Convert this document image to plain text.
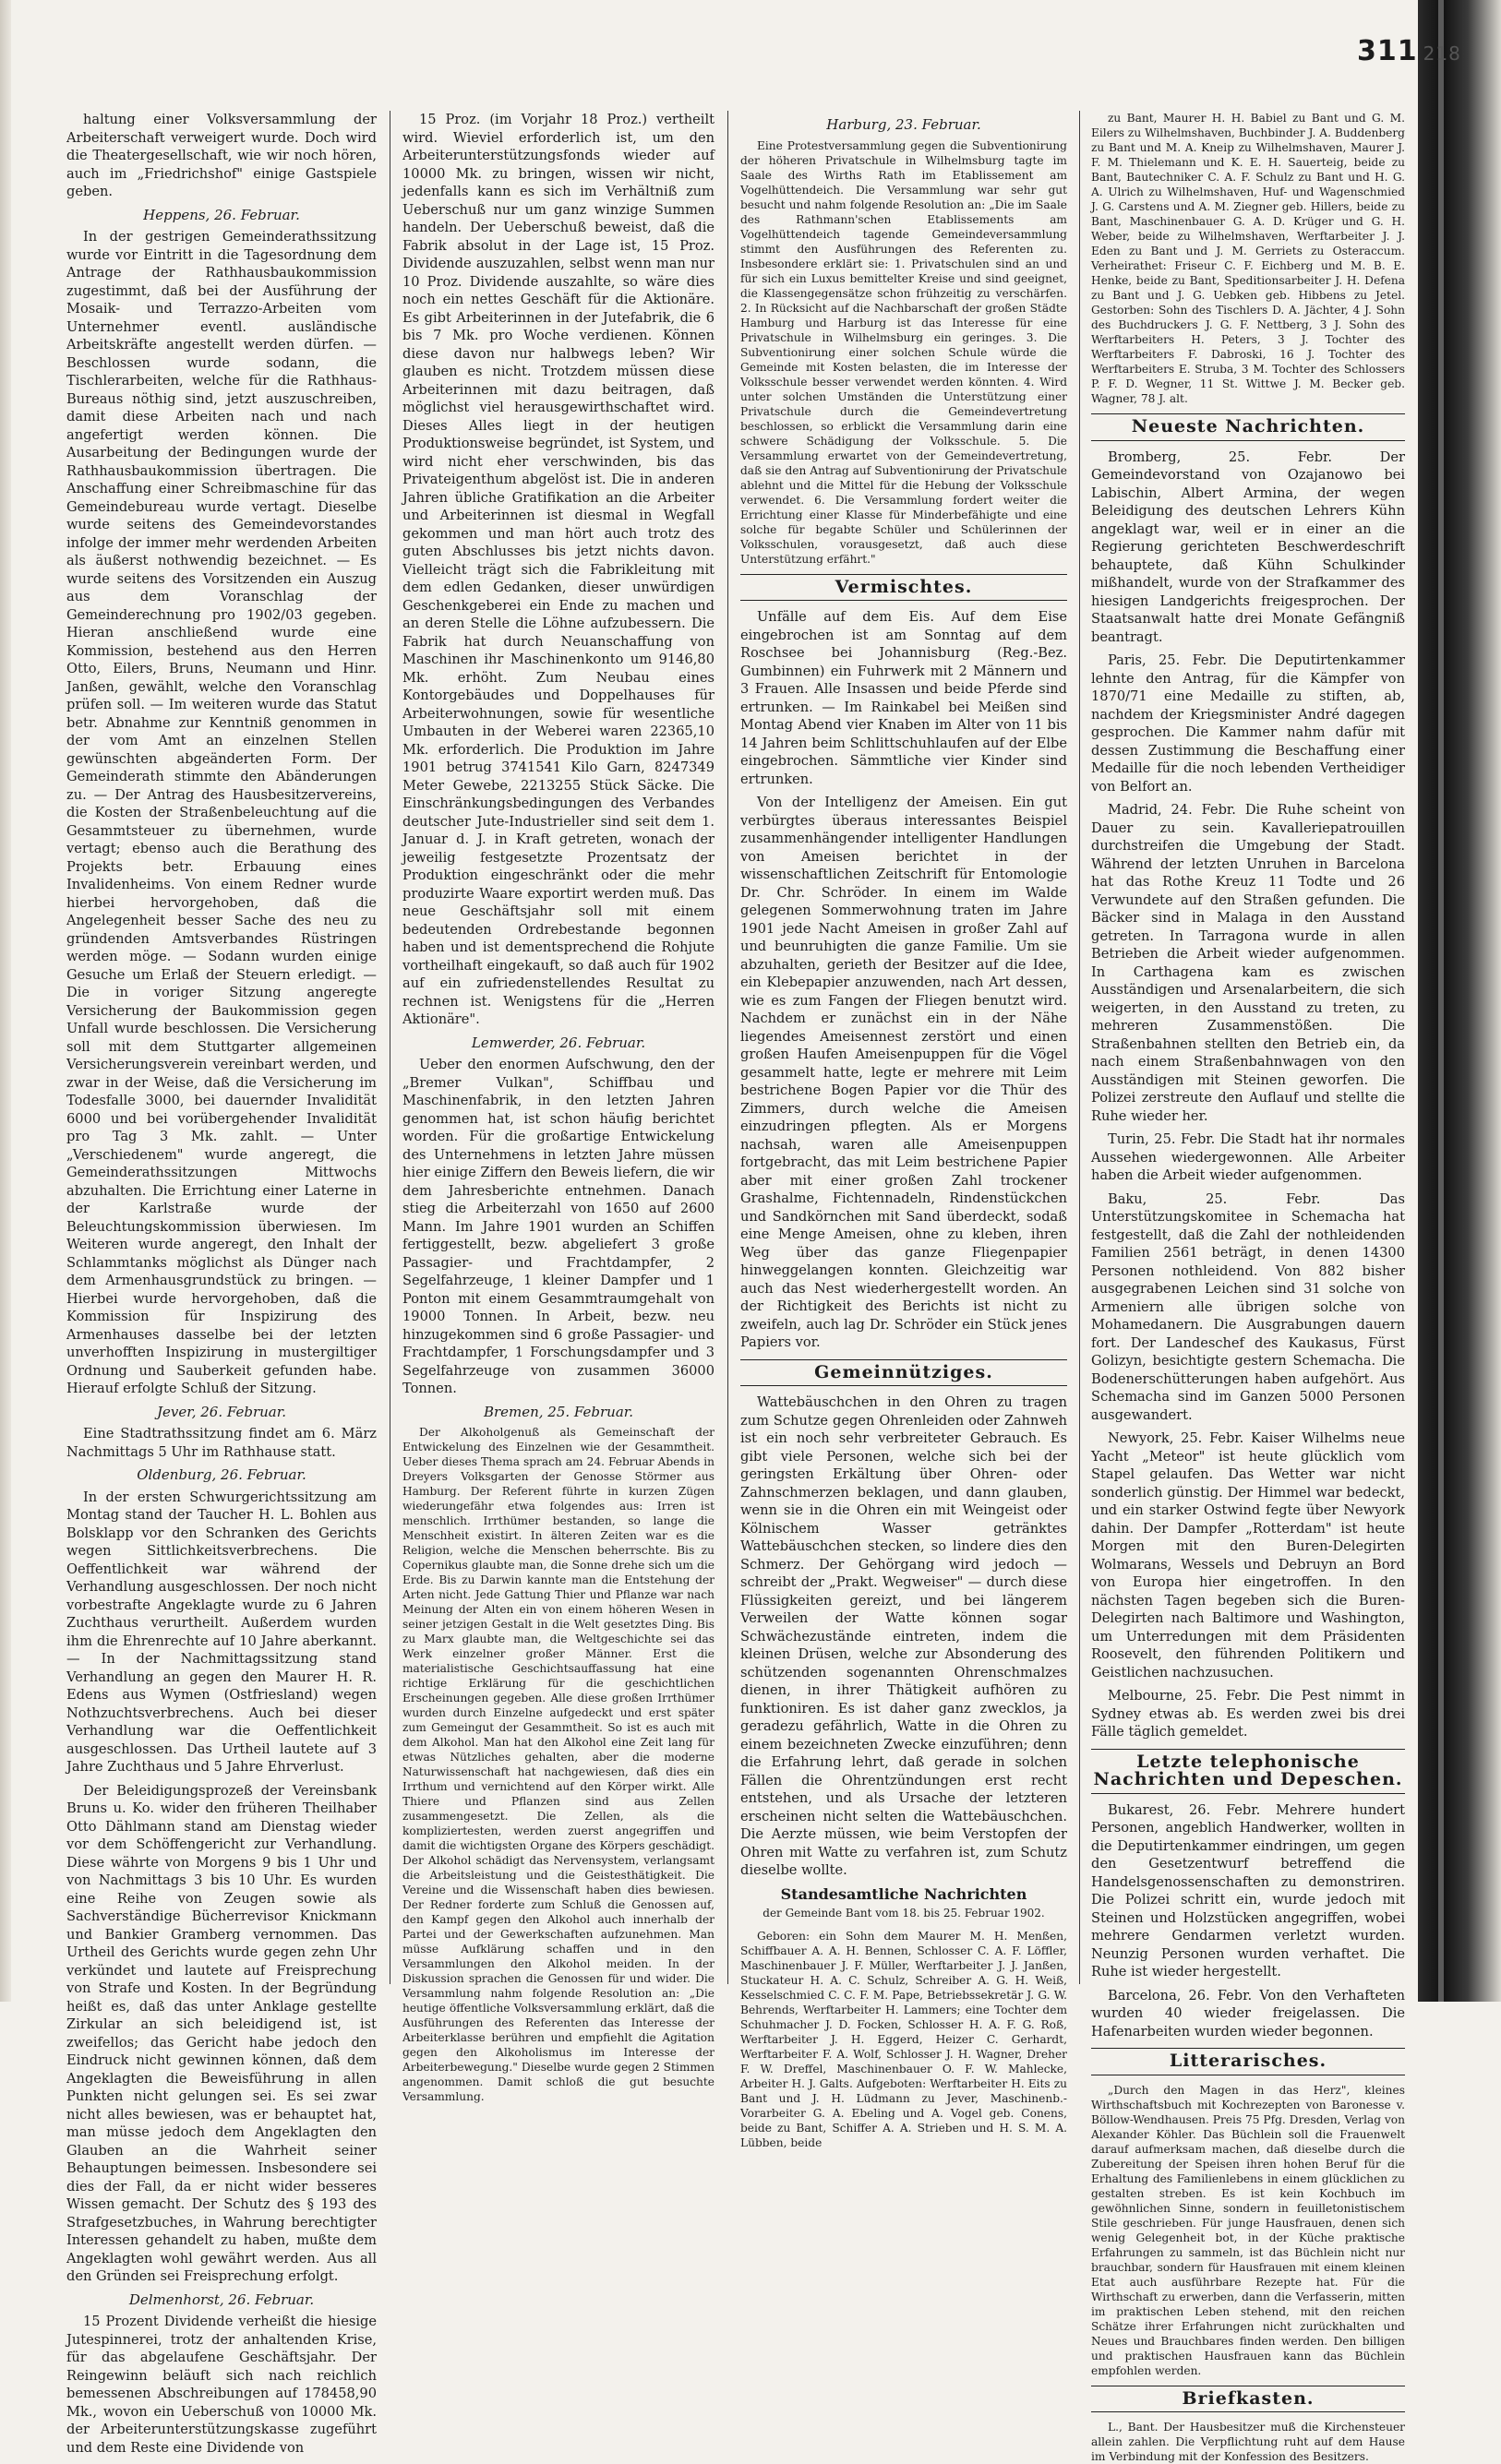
311 218

haltung einer Volksversammlung der Arbeiterschaft verweigert wurde. Doch wird die Theatergesellschaft, wie wir noch hören, auch im „Friedrichshof" einige Gastspiele geben.

Heppens, 26. Februar.

In der gestrigen Gemeinderathssitzung wurde vor Eintritt in die Tagesordnung dem Antrage der Rathhausbaukommission zugestimmt, daß bei der Ausführung der Mosaik- und Terrazzo-Arbeiten vom Unternehmer eventl. ausländische Arbeitskräfte angestellt werden dürfen. — Beschlossen wurde sodann, die Tischlerarbeiten, welche für die Rathhaus-Bureaus nöthig sind, jetzt auszuschreiben, damit diese Arbeiten nach und nach angefertigt werden können. Die Ausarbeitung der Bedingungen wurde der Rathhausbaukommission übertragen. Die Anschaffung einer Schreibmaschine für das Gemeindebureau wurde vertagt. Dieselbe wurde seitens des Gemeindevorstandes infolge der immer mehr werdenden Arbeiten als äußerst nothwendig bezeichnet. — Es wurde seitens des Vorsitzenden ein Auszug aus dem Voranschlag der Gemeinderechnung pro 1902/03 gegeben. Hieran anschließend wurde eine Kommission, bestehend aus den Herren Otto, Eilers, Bruns, Neumann und Hinr. Janßen, gewählt, welche den Voranschlag prüfen soll. — Im weiteren wurde das Statut betr. Abnahme zur Kenntniß genommen in der vom Amt an einzelnen Stellen gewünschten abgeänderten Form. Der Gemeinderath stimmte den Abänderungen zu. — Der Antrag des Hausbesitzervereins, die Kosten der Straßenbeleuchtung auf die Gesammtsteuer zu übernehmen, wurde vertagt; ebenso auch die Berathung des Projekts betr. Erbauung eines Invalidenheims. Von einem Redner wurde hierbei hervorgehoben, daß die Angelegenheit besser Sache des neu zu gründenden Amtsverbandes Rüstringen werden möge. — Sodann wurden einige Gesuche um Erlaß der Steuern erledigt. — Die in voriger Sitzung angeregte Versicherung der Baukommission gegen Unfall wurde beschlossen. Die Versicherung soll mit dem Stuttgarter allgemeinen Versicherungsverein vereinbart werden, und zwar in der Weise, daß die Versicherung im Todesfalle 3000, bei dauernder Invalidität 6000 und bei vorübergehender Invalidität pro Tag 3 Mk. zahlt. — Unter „Verschiedenem" wurde angeregt, die Gemeinderathssitzungen Mittwochs abzuhalten. Die Errichtung einer Laterne in der Karlstraße wurde der Beleuchtungskommission überwiesen. Im Weiteren wurde angeregt, den Inhalt der Schlammtanks möglichst als Dünger nach dem Armenhausgrundstück zu bringen. — Hierbei wurde hervorgehoben, daß die Kommission für Inspizirung des Armenhauses dasselbe bei der letzten unverhofften Inspizirung in mustergiltiger Ordnung und Sauberkeit gefunden habe. Hierauf erfolgte Schluß der Sitzung.

Jever, 26. Februar.

Eine Stadtrathssitzung findet am 6. März Nachmittags 5 Uhr im Rathhause statt.

Oldenburg, 26. Februar.

In der ersten Schwurgerichtssitzung am Montag stand der Taucher H. L. Bohlen aus Bolsklapp vor den Schranken des Gerichts wegen Sittlichkeitsverbrechens. Die Oeffentlichkeit war während der Verhandlung ausgeschlossen. Der noch nicht vorbestrafte Angeklagte wurde zu 6 Jahren Zuchthaus verurtheilt. Außerdem wurden ihm die Ehrenrechte auf 10 Jahre aberkannt. — In der Nachmittagssitzung stand Verhandlung an gegen den Maurer H. R. Edens aus Wymen (Ostfriesland) wegen Nothzuchtsverbrechens. Auch bei dieser Verhandlung war die Oeffentlichkeit ausgeschlossen. Das Urtheil lautete auf 3 Jahre Zuchthaus und 5 Jahre Ehrverlust.

Der Beleidigungsprozeß der Vereinsbank Bruns u. Ko. wider den früheren Theilhaber Otto Dählmann stand am Dienstag wieder vor dem Schöffengericht zur Verhandlung. Diese währte von Morgens 9 bis 1 Uhr und von Nachmittags 3 bis 10 Uhr. Es wurden eine Reihe von Zeugen sowie als Sachverständige Bücherrevisor Knickmann und Bankier Gramberg vernommen. Das Urtheil des Gerichts wurde gegen zehn Uhr verkündet und lautete auf Freisprechung von Strafe und Kosten. In der Begründung heißt es, daß das unter Anklage gestellte Zirkular an sich beleidigend ist, ist zweifellos; das Gericht habe jedoch den Eindruck nicht gewinnen können, daß dem Angeklagten die Beweisführung in allen Punkten nicht gelungen sei. Es sei zwar nicht alles bewiesen, was er behauptet hat, man müsse jedoch dem Angeklagten den Glauben an die Wahrheit seiner Behauptungen beimessen. Insbesondere sei dies der Fall, da er nicht wider besseres Wissen gemacht. Der Schutz des § 193 des Strafgesetzbuches, in Wahrung berechtigter Interessen gehandelt zu haben, mußte dem Angeklagten wohl gewährt werden. Aus all den Gründen sei Freisprechung erfolgt.

Delmenhorst, 26. Februar.

15 Prozent Dividende verheißt die hiesige Jutespinnerei, trotz der anhaltenden Krise, für das abgelaufene Geschäftsjahr. Der Reingewinn beläuft sich nach reichlich bemessenen Abschreibungen auf 178458,90 Mk., wovon ein Ueberschuß von 10000 Mk. der Arbeiterunterstützungskasse zugeführt und dem Reste eine Dividende von

15 Proz. (im Vorjahr 18 Proz.) vertheilt wird. Wieviel erforderlich ist, um den Arbeiterunterstützungsfonds wieder auf 10000 Mk. zu bringen, wissen wir nicht, jedenfalls kann es sich im Verhältniß zum Ueberschuß nur um ganz winzige Summen handeln. Der Ueberschuß beweist, daß die Fabrik absolut in der Lage ist, 15 Proz. Dividende auszuzahlen, selbst wenn man nur 10 Proz. Dividende auszahlte, so wäre dies noch ein nettes Geschäft für die Aktionäre. Es gibt Arbeiterinnen in der Jutefabrik, die 6 bis 7 Mk. pro Woche verdienen. Können diese davon nur halbwegs leben? Wir glauben es nicht. Trotzdem müssen diese Arbeiterinnen mit dazu beitragen, daß möglichst viel herausgewirthschaftet wird. Dieses Alles liegt in der heutigen Produktionsweise begründet, ist System, und wird nicht eher verschwinden, bis das Privateigenthum abgelöst ist. Die in anderen Jahren übliche Gratifikation an die Arbeiter und Arbeiterinnen ist diesmal in Wegfall gekommen und man hört auch trotz des guten Abschlusses bis jetzt nichts davon. Vielleicht trägt sich die Fabrikleitung mit dem edlen Gedanken, dieser unwürdigen Geschenkgeberei ein Ende zu machen und an deren Stelle die Löhne aufzubessern. Die Fabrik hat durch Neuanschaffung von Maschinen ihr Maschinenkonto um 9146,80 Mk. erhöht. Zum Neubau eines Kontorgebäudes und Doppelhauses für Arbeiterwohnungen, sowie für wesentliche Umbauten in der Weberei waren 22365,10 Mk. erforderlich. Die Produktion im Jahre 1901 betrug 3741541 Kilo Garn, 8247349 Meter Gewebe, 2213255 Stück Säcke. Die Einschränkungsbedingungen des Verbandes deutscher Jute-Industrieller sind seit dem 1. Januar d. J. in Kraft getreten, wonach der jeweilig festgesetzte Prozentsatz der Produktion eingeschränkt oder die mehr produzirte Waare exportirt werden muß. Das neue Geschäftsjahr soll mit einem bedeutenden Ordrebestande begonnen haben und ist dementsprechend die Rohjute vortheilhaft eingekauft, so daß auch für 1902 auf ein zufriedenstellendes Resultat zu rechnen ist. Wenigstens für die „Herren Aktionäre".

Lemwerder, 26. Februar.

Ueber den enormen Aufschwung, den der „Bremer Vulkan", Schiffbau und Maschinenfabrik, in den letzten Jahren genommen hat, ist schon häufig berichtet worden. Für die großartige Entwickelung des Unternehmens in letzten Jahre müssen hier einige Ziffern den Beweis liefern, die wir dem Jahresberichte entnehmen. Danach stieg die Arbeiterzahl von 1650 auf 2600 Mann. Im Jahre 1901 wurden an Schiffen fertiggestellt, bezw. abgeliefert 3 große Passagier- und Frachtdampfer, 2 Segelfahrzeuge, 1 kleiner Dampfer und 1 Ponton mit einem Gesammtraumgehalt von 19000 Tonnen. In Arbeit, bezw. neu hinzugekommen sind 6 große Passagier- und Frachtdampfer, 1 Forschungsdampfer und 3 Segelfahrzeuge von zusammen 36000 Tonnen.

Bremen, 25. Februar.

Der Alkoholgenuß als Gemeinschaft der Entwickelung des Einzelnen wie der Gesammtheit. Ueber dieses Thema sprach am 24. Februar Abends in Dreyers Volksgarten der Genosse Störmer aus Hamburg. Der Referent führte in kurzen Zügen wiederungefähr etwa folgendes aus: Irren ist menschlich. Irrthümer bestanden, so lange die Menschheit existirt. In älteren Zeiten war es die Religion, welche die Menschen beherrschte. Bis zu Copernikus glaubte man, die Sonne drehe sich um die Erde. Bis zu Darwin kannte man die Entstehung der Arten nicht. Jede Gattung Thier und Pflanze war nach Meinung der Alten ein von einem höheren Wesen in seiner jetzigen Gestalt in die Welt gesetztes Ding. Bis zu Marx glaubte man, die Weltgeschichte sei das Werk einzelner großer Männer. Erst die materialistische Geschichtsauffassung hat eine richtige Erklärung für die geschichtlichen Erscheinungen gegeben. Alle diese großen Irrthümer wurden durch Einzelne aufgedeckt und erst später zum Gemeingut der Gesammtheit. So ist es auch mit dem Alkohol. Man hat den Alkohol eine Zeit lang für etwas Nützliches gehalten, aber die moderne Naturwissenschaft hat nachgewiesen, daß dies ein Irrthum und vernichtend auf den Körper wirkt. Alle Thiere und Pflanzen sind aus Zellen zusammengesetzt. Die Zellen, als die kompliziertesten, werden zuerst angegriffen und damit die wichtigsten Organe des Körpers geschädigt. Der Alkohol schädigt das Nervensystem, verlangsamt die Arbeitsleistung und die Geistesthätigkeit. Die Vereine und die Wissenschaft haben dies bewiesen. Der Redner forderte zum Schluß die Genossen auf, den Kampf gegen den Alkohol auch innerhalb der Partei und der Gewerkschaften aufzunehmen. Man müsse Aufklärung schaffen und in den Versammlungen den Alkohol meiden. In der Diskussion sprachen die Genossen für und wider. Die Versammlung nahm folgende Resolution an: „Die heutige öffentliche Volksversammlung erklärt, daß die Ausführungen des Referenten das Interesse der Arbeiterklasse berühren und empfiehlt die Agitation gegen den Alkoholismus im Interesse der Arbeiterbewegung." Dieselbe wurde gegen 2 Stimmen angenommen. Damit schloß die gut besuchte Versammlung.

Harburg, 23. Februar.

Eine Protestversammlung gegen die Subventionirung der höheren Privatschule in Wilhelmsburg tagte im Saale des Wirths Rath im Etablissement am Vogelhüttendeich. Die Versammlung war sehr gut besucht und nahm folgende Resolution an: „Die im Saale des Rathmann'schen Etablissements am Vogelhüttendeich tagende Gemeindeversammlung stimmt den Ausführungen des Referenten zu. Insbesondere erklärt sie: 1. Privatschulen sind an und für sich ein Luxus bemittelter Kreise und sind geeignet, die Klassengegensätze schon frühzeitig zu verschärfen. 2. In Rücksicht auf die Nachbarschaft der großen Städte Hamburg und Harburg ist das Interesse für eine Privatschule in Wilhelmsburg ein geringes. 3. Die Subventionirung einer solchen Schule würde die Gemeinde mit Kosten belasten, die im Interesse der Volksschule besser verwendet werden könnten. 4. Wird unter solchen Umständen die Unterstützung einer Privatschule durch die Gemeindevertretung beschlossen, so erblickt die Versammlung darin eine schwere Schädigung der Volksschule. 5. Die Versammlung erwartet von der Gemeindevertretung, daß sie den Antrag auf Subventionirung der Privatschule ablehnt und die Mittel für die Hebung der Volksschule verwendet. 6. Die Versammlung fordert weiter die Errichtung einer Klasse für Minderbefähigte und eine solche für begabte Schüler und Schülerinnen der Volksschulen, vorausgesetzt, daß auch diese Unterstützung erfährt."

Vermischtes.

Unfälle auf dem Eis. Auf dem Eise eingebrochen ist am Sonntag auf dem Roschsee bei Johannisburg (Reg.-Bez. Gumbinnen) ein Fuhrwerk mit 2 Männern und 3 Frauen. Alle Insassen und beide Pferde sind ertrunken. — Im Rainkabel bei Meißen sind Montag Abend vier Knaben im Alter von 11 bis 14 Jahren beim Schlittschuhlaufen auf der Elbe eingebrochen. Sämmtliche vier Kinder sind ertrunken.

Von der Intelligenz der Ameisen. Ein gut verbürgtes überaus interessantes Beispiel zusammenhängender intelligenter Handlungen von Ameisen berichtet in der wissenschaftlichen Zeitschrift für Entomologie Dr. Chr. Schröder. In einem im Walde gelegenen Sommerwohnung traten im Jahre 1901 jede Nacht Ameisen in großer Zahl auf und beunruhigten die ganze Familie. Um sie abzuhalten, gerieth der Besitzer auf die Idee, ein Klebepapier anzuwenden, nach Art dessen, wie es zum Fangen der Fliegen benutzt wird. Nachdem er zunächst ein in der Nähe liegendes Ameisennest zerstört und einen großen Haufen Ameisenpuppen für die Vögel gesammelt hatte, legte er mehrere mit Leim bestrichene Bogen Papier vor die Thür des Zimmers, durch welche die Ameisen einzudringen pflegten. Als er Morgens nachsah, waren alle Ameisenpuppen fortgebracht, das mit Leim bestrichene Papier aber mit einer großen Zahl trockener Grashalme, Fichtennadeln, Rindenstückchen und Sandkörnchen mit Sand überdeckt, sodaß eine Menge Ameisen, ohne zu kleben, ihren Weg über das ganze Fliegenpapier hinweggelangen konnten. Gleichzeitig war auch das Nest wiederhergestellt worden. An der Richtigkeit des Berichts ist nicht zu zweifeln, auch lag Dr. Schröder ein Stück jenes Papiers vor.

Gemeinnütziges.

Wattebäuschchen in den Ohren zu tragen zum Schutze gegen Ohrenleiden oder Zahnweh ist ein noch sehr verbreiteter Gebrauch. Es gibt viele Personen, welche sich bei der geringsten Erkältung über Ohren- oder Zahnschmerzen beklagen, und dann glauben, wenn sie in die Ohren ein mit Weingeist oder Kölnischem Wasser getränktes Wattebäuschchen stecken, so lindere dies den Schmerz. Der Gehörgang wird jedoch — schreibt der „Prakt. Wegweiser" — durch diese Flüssigkeiten gereizt, und bei längerem Verweilen der Watte können sogar Schwächezustände eintreten, indem die kleinen Drüsen, welche zur Absonderung des schützenden sogenannten Ohrenschmalzes dienen, in ihrer Thätigkeit aufhören zu funktioniren. Es ist daher ganz zwecklos, ja geradezu gefährlich, Watte in die Ohren zu einem bezeichneten Zwecke einzuführen; denn die Erfahrung lehrt, daß gerade in solchen Fällen die Ohrentzündungen erst recht entstehen, und als Ursache der letzteren erscheinen nicht selten die Wattebäuschchen. Die Aerzte müssen, wie beim Verstopfen der Ohren mit Watte zu verfahren ist, zum Schutz dieselbe wollte.

Standesamtliche Nachrichten
der Gemeinde Bant vom 18. bis 25. Februar 1902.

Geboren: ein Sohn dem Maurer M. H. Menßen, Schiffbauer A. A. H. Bennen, Schlosser C. A. F. Löffler, Maschinenbauer J. F. Müller, Werftarbeiter J. J. Janßen, Stuckateur H. A. C. Schulz, Schreiber A. G. H. Weiß, Kesselschmied C. C. F. M. Pape, Betriebssekretär J. G. W. Behrends, Werftarbeiter H. Lammers; eine Tochter dem Schuhmacher J. D. Focken, Schlosser H. A. F. G. Roß, Werftarbeiter J. H. Eggerd, Heizer C. Gerhardt, Werftarbeiter F. A. Wolf, Schlosser J. H. Wagner, Dreher F. W. Dreffel, Maschinenbauer O. F. W. Mahlecke, Arbeiter H. J. Galts. Aufgeboten: Werftarbeiter H. Eits zu Bant und J. H. Lüdmann zu Jever, Maschinenb.-Vorarbeiter G. A. Ebeling und A. Vogel geb. Conens, beide zu Bant, Schiffer A. A. Strieben und H. S. M. A. Lübben, beide

zu Bant, Maurer H. H. Babiel zu Bant und G. M. Eilers zu Wilhelmshaven, Buchbinder J. A. Buddenberg zu Bant und M. A. Kneip zu Wilhelmshaven, Maurer J. F. M. Thielemann und K. E. H. Sauerteig, beide zu Bant, Bautechniker C. A. F. Schulz zu Bant und H. G. A. Ulrich zu Wilhelmshaven, Huf- und Wagenschmied J. G. Carstens und A. M. Ziegner geb. Hillers, beide zu Bant, Maschinenbauer G. A. D. Krüger und G. H. Weber, beide zu Wilhelmshaven, Werftarbeiter J. J. Eden zu Bant und J. M. Gerriets zu Osteraccum. Verheirathet: Friseur C. F. Eichberg und M. B. E. Henke, beide zu Bant, Speditionsarbeiter J. H. Defena zu Bant und J. G. Uebken geb. Hibbens zu Jetel. Gestorben: Sohn des Tischlers D. A. Jächter, 4 J. Sohn des Buchdruckers J. G. F. Nettberg, 3 J. Sohn des Werftarbeiters H. Peters, 3 J. Tochter des Werftarbeiters F. Dabroski, 16 J. Tochter des Werftarbeiters E. Struba, 3 M. Tochter des Schlossers P. F. D. Wegner, 11 St. Wittwe J. M. Becker geb. Wagner, 78 J. alt.

Neueste Nachrichten.

Bromberg, 25. Febr. Der Gemeindevorstand von Ozajanowo bei Labischin, Albert Armina, der wegen Beleidigung des deutschen Lehrers Kühn angeklagt war, weil er in einer an die Regierung gerichteten Beschwerdeschrift behauptete, daß Kühn Schulkinder mißhandelt, wurde von der Strafkammer des hiesigen Landgerichts freigesprochen. Der Staatsanwalt hatte drei Monate Gefängniß beantragt.

Paris, 25. Febr. Die Deputirtenkammer lehnte den Antrag, für die Kämpfer von 1870/71 eine Medaille zu stiften, ab, nachdem der Kriegsminister André dagegen gesprochen. Die Kammer nahm dafür mit dessen Zustimmung die Beschaffung einer Medaille für die noch lebenden Vertheidiger von Belfort an.

Madrid, 24. Febr. Die Ruhe scheint von Dauer zu sein. Kavalleriepatrouillen durchstreifen die Umgebung der Stadt. Während der letzten Unruhen in Barcelona hat das Rothe Kreuz 11 Todte und 26 Verwundete auf den Straßen gefunden. Die Bäcker sind in Malaga in den Ausstand getreten. In Tarragona wurde in allen Betrieben die Arbeit wieder aufgenommen. In Carthagena kam es zwischen Ausständigen und Arsenalarbeitern, die sich weigerten, in den Ausstand zu treten, zu mehreren Zusammenstößen. Die Straßenbahnen stellten den Betrieb ein, da nach einem Straßenbahnwagen von den Ausständigen mit Steinen geworfen. Die Polizei zerstreute den Auflauf und stellte die Ruhe wieder her.

Turin, 25. Febr. Die Stadt hat ihr normales Aussehen wiedergewonnen. Alle Arbeiter haben die Arbeit wieder aufgenommen.

Baku, 25. Febr. Das Unterstützungskomitee in Schemacha hat festgestellt, daß die Zahl der nothleidenden Familien 2561 beträgt, in denen 14300 Personen nothleidend. Von 882 bisher ausgegrabenen Leichen sind 31 solche von Armeniern alle übrigen solche von Mohamedanern. Die Ausgrabungen dauern fort. Der Landeschef des Kaukasus, Fürst Golizyn, besichtigte gestern Schemacha. Die Bodenerschütterungen haben aufgehört. Aus Schemacha sind im Ganzen 5000 Personen ausgewandert.

Newyork, 25. Febr. Kaiser Wilhelms neue Yacht „Meteor" ist heute glücklich vom Stapel gelaufen. Das Wetter war nicht sonderlich günstig. Der Himmel war bedeckt, und ein starker Ostwind fegte über Newyork dahin. Der Dampfer „Rotterdam" ist heute Morgen mit den Buren-Delegirten Wolmarans, Wessels und Debruyn an Bord von Europa hier eingetroffen. In den nächsten Tagen begeben sich die Buren-Delegirten nach Baltimore und Washington, um Unterredungen mit dem Präsidenten Roosevelt, den führenden Politikern und Geistlichen nachzusuchen.

Melbourne, 25. Febr. Die Pest nimmt in Sydney etwas ab. Es werden zwei bis drei Fälle täglich gemeldet.

Letzte telephonische Nachrichten und Depeschen.

Bukarest, 26. Febr. Mehrere hundert Personen, angeblich Handwerker, wollten in die Deputirtenkammer eindringen, um gegen den Gesetzentwurf betreffend die Handelsgenossenschaften zu demonstriren. Die Polizei schritt ein, wurde jedoch mit Steinen und Holzstücken angegriffen, wobei mehrere Gendarmen verletzt wurden. Neunzig Personen wurden verhaftet. Die Ruhe ist wieder hergestellt.

Barcelona, 26. Febr. Von den Verhafteten wurden 40 wieder freigelassen. Die Hafenarbeiten wurden wieder begonnen.

Litterarisches.

„Durch den Magen in das Herz", kleines Wirthschaftsbuch mit Kochrezepten von Baronesse v. Böllow-Wendhausen. Preis 75 Pfg. Dresden, Verlag von Alexander Köhler. Das Büchlein soll die Frauenwelt darauf aufmerksam machen, daß dieselbe durch die Zubereitung der Speisen ihren hohen Beruf für die Erhaltung des Familienlebens in einem glücklichen zu gestalten streben. Es ist kein Kochbuch im gewöhnlichen Sinne, sondern in feuilletonistischem Stile geschrieben. Für junge Hausfrauen, denen sich wenig Gelegenheit bot, in der Küche praktische Erfahrungen zu sammeln, ist das Büchlein nicht nur brauchbar, sondern für Hausfrauen mit einem kleinen Etat auch ausführbare Rezepte hat. Für die Wirthschaft zu erwerben, dann die Verfasserin, mitten im praktischen Leben stehend, mit den reichen Schätze ihrer Erfahrungen nicht zurückhalten und Neues und Brauchbares finden werden. Den billigen und praktischen Hausfrauen kann das Büchlein empfohlen werden.

Briefkasten.

L., Bant. Der Hausbesitzer muß die Kirchensteuer allein zahlen. Die Verpflichtung ruht auf dem Hause im Verbindung mit der Konfession des Besitzers.
